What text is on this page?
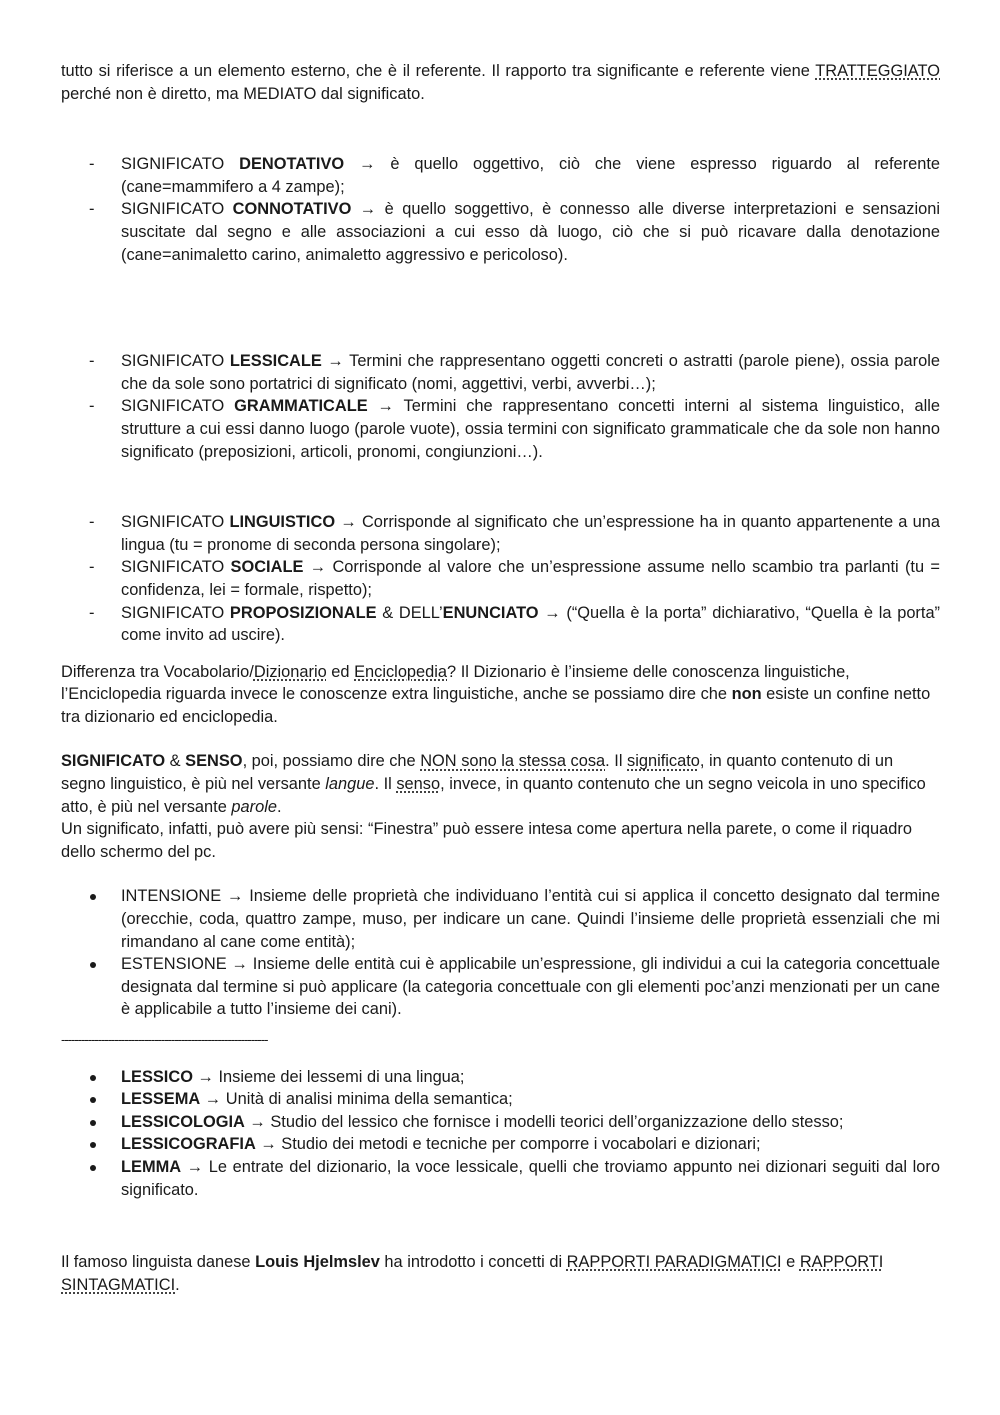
tutto si riferisce a un elemento esterno, che è il referente. Il rapporto tra significante e referente viene TRATTEGGIATO perché non è diretto, ma MEDIATO dal significato.

- SIGNIFICATO DENOTATIVO → è quello oggettivo, ciò che viene espresso riguardo al referente (cane=mammifero a 4 zampe);
- SIGNIFICATO CONNOTATIVO → è quello soggettivo, è connesso alle diverse interpretazioni e sensazioni suscitate dal segno e alle associazioni a cui esso dà luogo, ciò che si può ricavare dalla denotazione (cane=animaletto carino, animaletto aggressivo e pericoloso).
- SIGNIFICATO LESSICALE → Termini che rappresentano oggetti concreti o astratti (parole piene), ossia parole che da sole sono portatrici di significato (nomi, aggettivi, verbi, avverbi…);
- SIGNIFICATO GRAMMATICALE → Termini che rappresentano concetti interni al sistema linguistico, alle strutture a cui essi danno luogo (parole vuote), ossia termini con significato grammaticale che da sole non hanno significato (preposizioni, articoli, pronomi, congiunzioni…).
- SIGNIFICATO LINGUISTICO → Corrisponde al significato che un’espressione ha in quanto appartenente a una lingua (tu = pronome di seconda persona singolare);
- SIGNIFICATO SOCIALE → Corrisponde al valore che un’espressione assume nello scambio tra parlanti (tu = confidenza, lei = formale, rispetto);
- SIGNIFICATO PROPOSIZIONALE & DELL’ENUNCIATO → (“Quella è la porta” dichiarativo, “Quella è la porta” come invito ad uscire).

Differenza tra Vocabolario/Dizionario ed Enciclopedia? Il Dizionario è l’insieme delle conoscenza linguistiche, l’Enciclopedia riguarda invece le conoscenze extra linguistiche, anche se possiamo dire che non esiste un confine netto tra dizionario ed enciclopedia.

SIGNIFICATO & SENSO, poi, possiamo dire che NON sono la stessa cosa. Il significato, in quanto contenuto di un segno linguistico, è più nel versante langue. Il senso, invece, in quanto contenuto che un segno veicola in uno specifico atto, è più nel versante parole.

Un significato, infatti, può avere più sensi: “Finestra” può essere intesa come apertura nella parete, o come il riquadro dello schermo del pc.

INTENSIONE → Insieme delle proprietà che individuano l’entità cui si applica il concetto designato dal termine (orecchie, coda, quattro zampe, muso, per indicare un cane. Quindi l’insieme delle proprietà essenziali che mi rimandano al cane come entità);
ESTENSIONE → Insieme delle entità cui è applicabile un’espressione, gli individui a cui la categoria concettuale designata dal termine si può applicare (la categoria concettuale con gli elementi poc’anzi menzionati per un cane è applicabile a tutto l’insieme dei cani).

--------------------------------------------------------------

LESSICO → Insieme dei lessemi di una lingua;
LESSEMA → Unità di analisi minima della semantica;
LESSICOLOGIA → Studio del lessico che fornisce i modelli teorici dell’organizzazione dello stesso;
LESSICOGRAFIA → Studio dei metodi e tecniche per comporre i vocabolari e dizionari;
LEMMA → Le entrate del dizionario, la voce lessicale, quelli che troviamo appunto nei dizionari seguiti dal loro significato.

Il famoso linguista danese Louis Hjelmslev ha introdotto i concetti di RAPPORTI PARADIGMATICI e RAPPORTI SINTAGMATICI.
